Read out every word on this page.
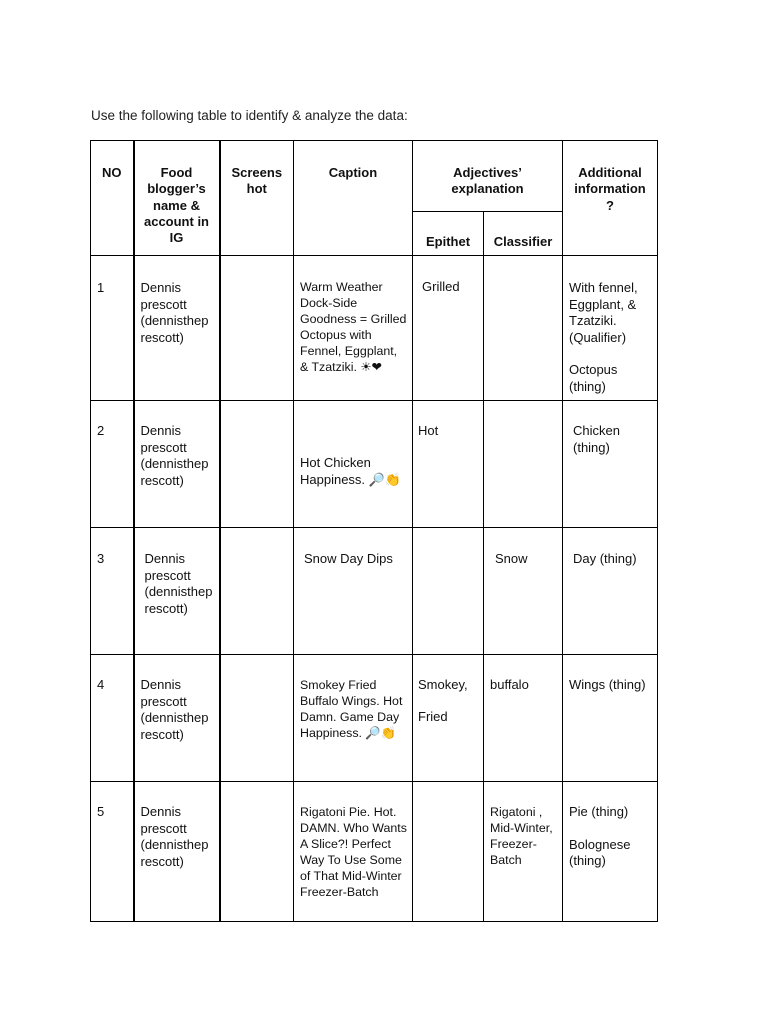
Use the following table to identify & analyze the data:
NO	Food blogger’s name & account in IG	Screens hot	Caption	Adjectives’ explanation		Additional information ?

				Epithet	Classifier	

1	Dennis prescott (dennisthep rescott)		Warm Weather Dock-Side Goodness = Grilled Octopus with Fennel, Eggplant, & Tzatziki. ☀❤	Grilled		With fennel, Eggplant, & Tzatziki. (Qualifier)
Octopus (thing)

2	Dennis prescott (dennisthep rescott)		Hot Chicken Happiness. 🔎👏	Hot		Chicken (thing)

3	Dennis prescott (dennisthep rescott)		Snow Day Dips		Snow	Day (thing)

4	Dennis prescott (dennisthep rescott)		Smokey Fried Buffalo Wings. Hot Damn. Game Day Happiness. 🔎👏	Smokey,
Fried	buffalo	Wings (thing)

5	Dennis prescott (dennisthep rescott)		Rigatoni Pie. Hot. DAMN. Who Wants A Slice?! Perfect Way To Use Some of That Mid-Winter Freezer-Batch		Rigatoni , Mid-Winter, Freezer-Batch	Pie (thing)
Bolognese (thing)
